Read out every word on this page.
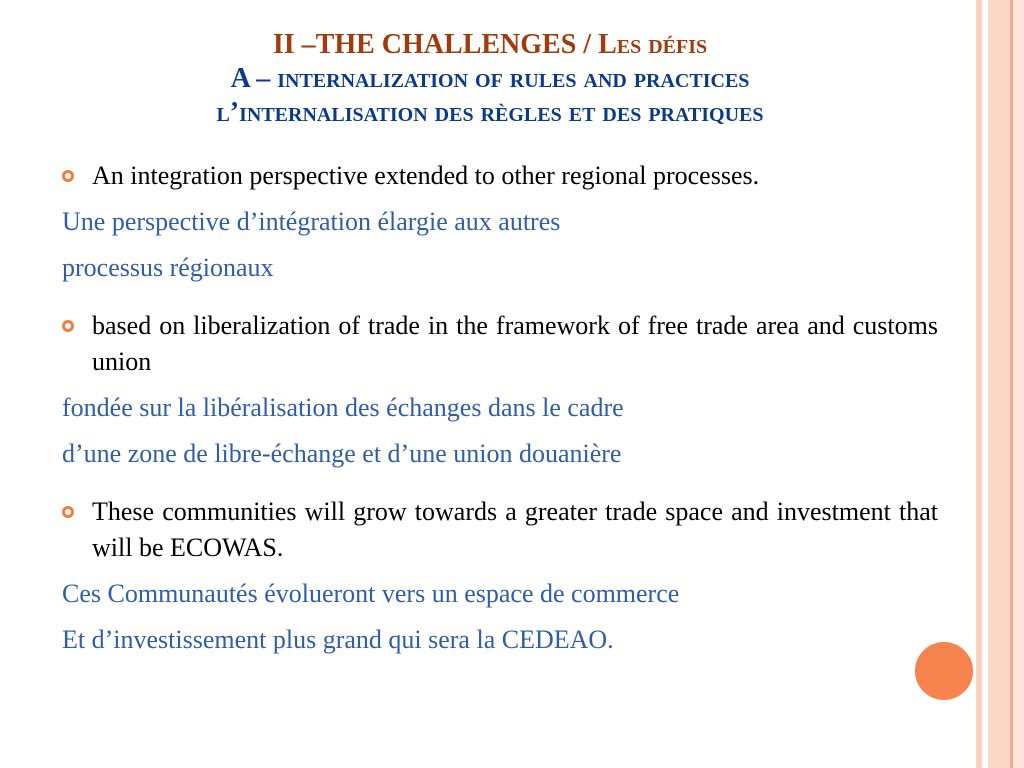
II –THE CHALLENGES / Les défis
A – internalization of rules and practices
l’internalisation des règles et des pratiques
An integration perspective extended to other regional processes.
Une perspective d’intégration élargie aux autres
processus régionaux
based on liberalization of trade in the framework of free trade area and customs union
fondée sur la libéralisation des échanges dans le cadre
d’une zone de libre-échange et d’une union douanière
These communities will grow towards a greater trade space and investment that will be ECOWAS.
Ces Communautés évolueront vers un espace de commerce
Et d’investissement plus grand qui sera la CEDEAO.
